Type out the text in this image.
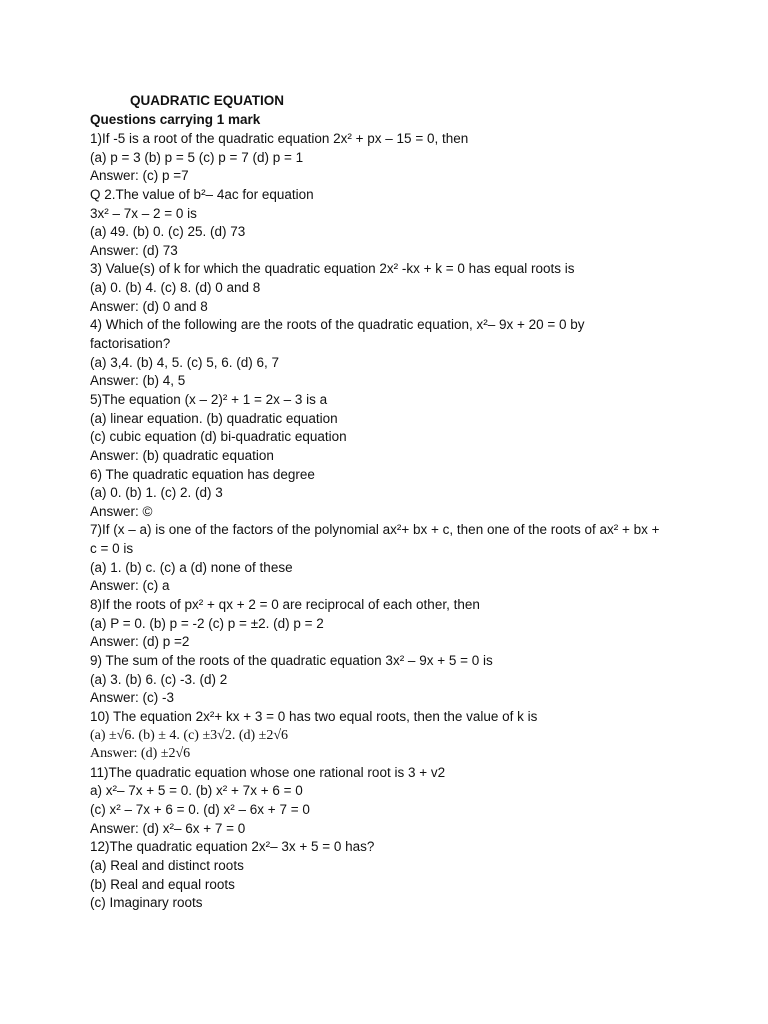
QUADRATIC EQUATION
Questions carrying 1 mark
1)If -5 is a root of the quadratic equation 2x² + px – 15 = 0, then
(a) p = 3 (b) p = 5 (c) p = 7 (d) p = 1
Answer: (c) p =7
Q 2.The value of b²– 4ac for equation
3x² – 7x – 2 = 0 is
(a) 49. (b) 0. (c) 25. (d) 73
Answer: (d) 73
3) Value(s) of k for which the quadratic equation 2x² -kx + k = 0 has equal roots is
(a) 0. (b) 4. (c) 8. (d) 0 and 8
Answer: (d) 0 and 8
4) Which of the following are the roots of the quadratic equation, x²– 9x + 20 = 0 by
factorisation?
(a) 3,4. (b) 4, 5. (c) 5, 6. (d) 6, 7
Answer: (b) 4, 5
5)The equation (x – 2)² + 1 = 2x – 3 is a
(a) linear equation. (b) quadratic equation
(c) cubic equation (d) bi-quadratic equation
Answer: (b) quadratic equation
6) The quadratic equation has degree
(a) 0. (b) 1. (c) 2. (d) 3
Answer: ©
7)If (x – a) is one of the factors of the polynomial ax²+ bx + c, then one of the roots of ax² + bx +
c = 0 is
(a) 1. (b) c. (c) a (d) none of these
Answer: (c) a
8)If the roots of px² + qx + 2 = 0 are reciprocal of each other, then
(a) P = 0. (b) p = -2 (c) p = ±2. (d) p = 2
Answer: (d) p =2
9) The sum of the roots of the quadratic equation 3x² – 9x + 5 = 0 is
(a) 3. (b) 6. (c) -3. (d) 2
Answer: (c) -3
10) The equation 2x²+ kx + 3 = 0 has two equal roots, then the value of k is
(a) ±√6. (b) ± 4. (c) ±3√2. (d) ±2√6
Answer: (d) ±2√6
11)The quadratic equation whose one rational root is 3 + v2
a) x²– 7x + 5 = 0. (b) x² + 7x + 6 = 0
(c) x² – 7x + 6 = 0. (d) x² – 6x + 7 = 0
Answer: (d) x²– 6x + 7 = 0
12)The quadratic equation 2x²– 3x + 5 = 0 has?
(a) Real and distinct roots
(b) Real and equal roots
(c) Imaginary roots
